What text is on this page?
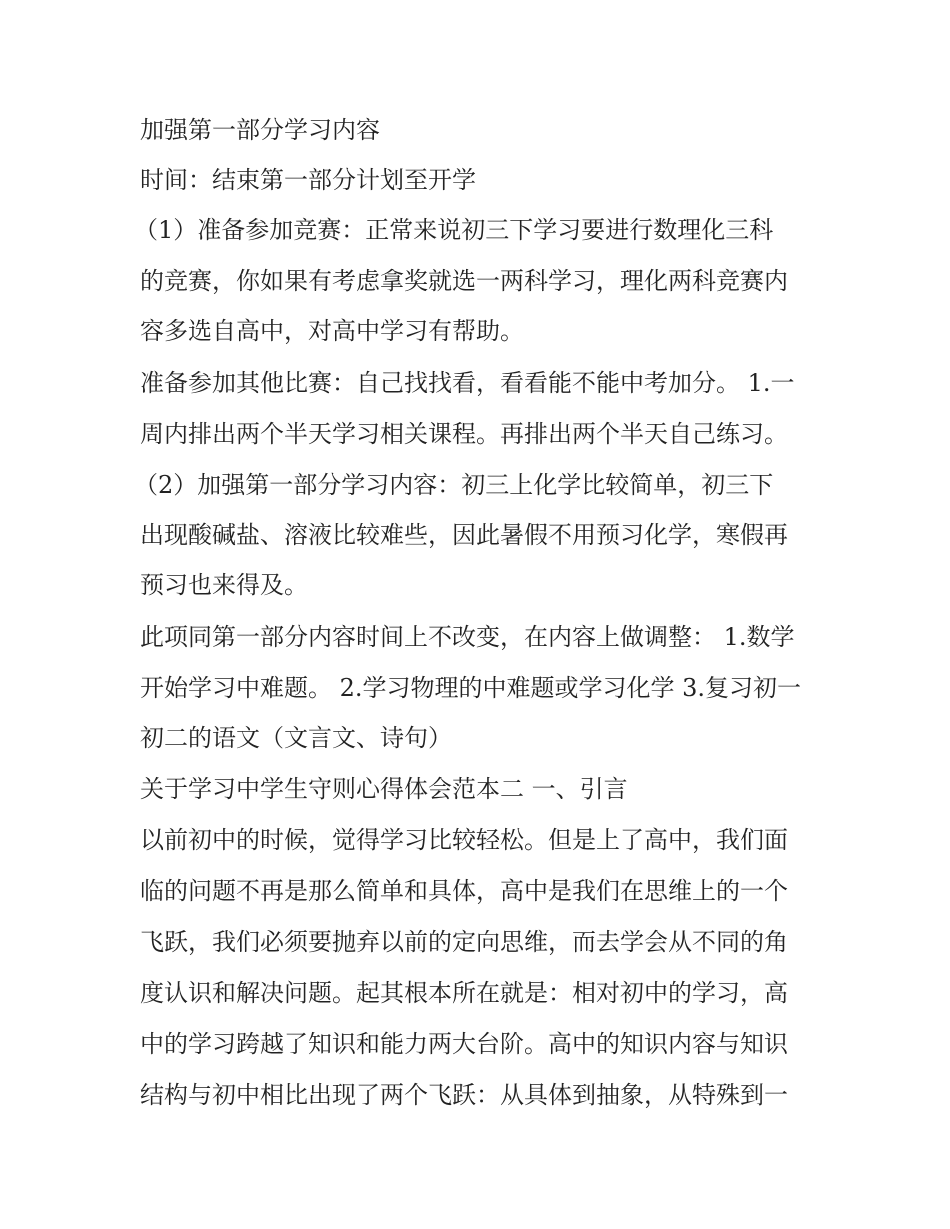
加强第一部分学习内容
时间：结束第一部分计划至开学
（1）准备参加竞赛：正常来说初三下学习要进行数理化三科
的竞赛，你如果有考虑拿奖就选一两科学习，理化两科竞赛内
容多选自高中，对高中学习有帮助。
准备参加其他比赛：自己找找看，看看能不能中考加分。 1.一
周内排出两个半天学习相关课程。再排出两个半天自己练习。
（2）加强第一部分学习内容：初三上化学比较简单，初三下
出现酸碱盐、溶液比较难些，因此暑假不用预习化学，寒假再
预习也来得及。
此项同第一部分内容时间上不改变，在内容上做调整： 1.数学
开始学习中难题。 2.学习物理的中难题或学习化学 3.复习初一
初二的语文（文言文、诗句）
关于学习中学生守则心得体会范本二 一、引言
以前初中的时候，觉得学习比较轻松。但是上了高中，我们面
临的问题不再是那么简单和具体，高中是我们在思维上的一个
飞跃，我们必须要抛弃以前的定向思维，而去学会从不同的角
度认识和解决问题。起其根本所在就是：相对初中的学习，高
中的学习跨越了知识和能力两大台阶。高中的知识内容与知识
结构与初中相比出现了两个飞跃：从具体到抽象，从特殊到一
